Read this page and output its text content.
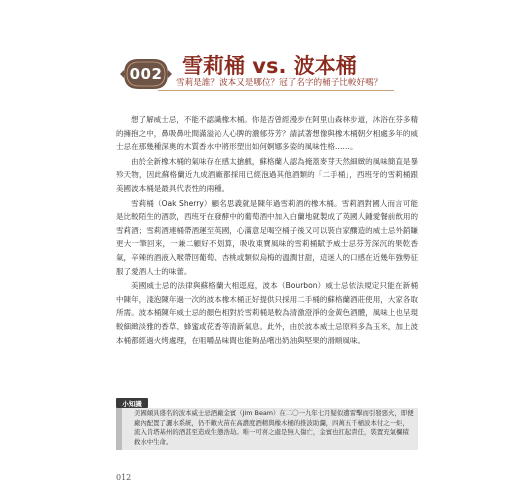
002 雪莉桶 vs. 波本桶
雪莉是誰？波本又是哪位？冠了名字的桶子比較好嗎？

想了解威士忌，不能不認識橡木桶。你是否曾經漫步在阿里山森林步道，沐浴在芬多精的擁抱之中，鼻吸鼻吐間滿溢沁人心脾的濃郁芬芳？請試著想像與橡木桶朝夕相處多年的威士忌在那幾種深奧的木質香水中將形塑出如何婀娜多姿的風味性格……。

由於全新橡木桶的氣味存在感太搶戲，蘇格蘭人認為掩蓋麥芽天然細緻的風味簡直是暴殄天物，因此蘇格蘭近九成酒廠都採用已經泡過其他酒類的「二手桶」，西班牙的雪莉桶跟美國波本桶是最具代表性的兩種。

雪莉桶（Oak Sherry）顧名思義就是陳年過雪莉酒的橡木桶。雪莉酒對國人而言可能是比較陌生的酒款，西班牙在發酵中的葡萄酒中加入白蘭地就製成了英國人鍾愛餐前飲用的雪莉酒；雪莉酒連桶帶酒運至英國，心滿意足喝空桶子後又可以裝自家釀造的威士忌外銷賺更大一筆回來，一兼二顧好不划算，吸收東寶風味的雪莉桶賦予威士忌芬芳深沉的果乾香氣，辛辣的酒液入喉帶回葡萄、杏桃或類似烏梅的溫潤甘甜，這迷人的口感在近幾年強勢征服了愛酒人士的味蕾。

美國威士忌的法律與蘇格蘭大相逕庭，波本（Bourbon）威士忌依法規定只能在新桶中陳年，淺泡陳年過一次的波本橡木桶正好提供只採用二手桶的蘇格蘭酒莊使用，大家各取所需。波本桶陳年威士忌的顏色相對於雪莉桶是較為清激澄淨的金黃色酒體，風味上也呈現較細緻淡雅的香草、蜂蜜或花香等清新氣息。此外，由於波本威士忌原料多為玉米，加上波本桶都經過火烤處理，在咀嚼品味間也能夠品嚐出奶油與堅果的滑順風味。

小知識
美國頗具盛名的波本威士忌酒廠金賓（Jim Beam）在二〇一九年七月疑似遭雷擊而引發惡火，即便廠內配置了灑水系統，仍不敵火苗在高濃度酒精與橡木桶的推波助瀾，四萬五千桶波本付之一炬，流入肯塔基州的酒甚至造成生態浩劫。唯一可喜之處是無人傷亡，金賓也扛起責任，裝置充氣欄積救水中生命。
012
